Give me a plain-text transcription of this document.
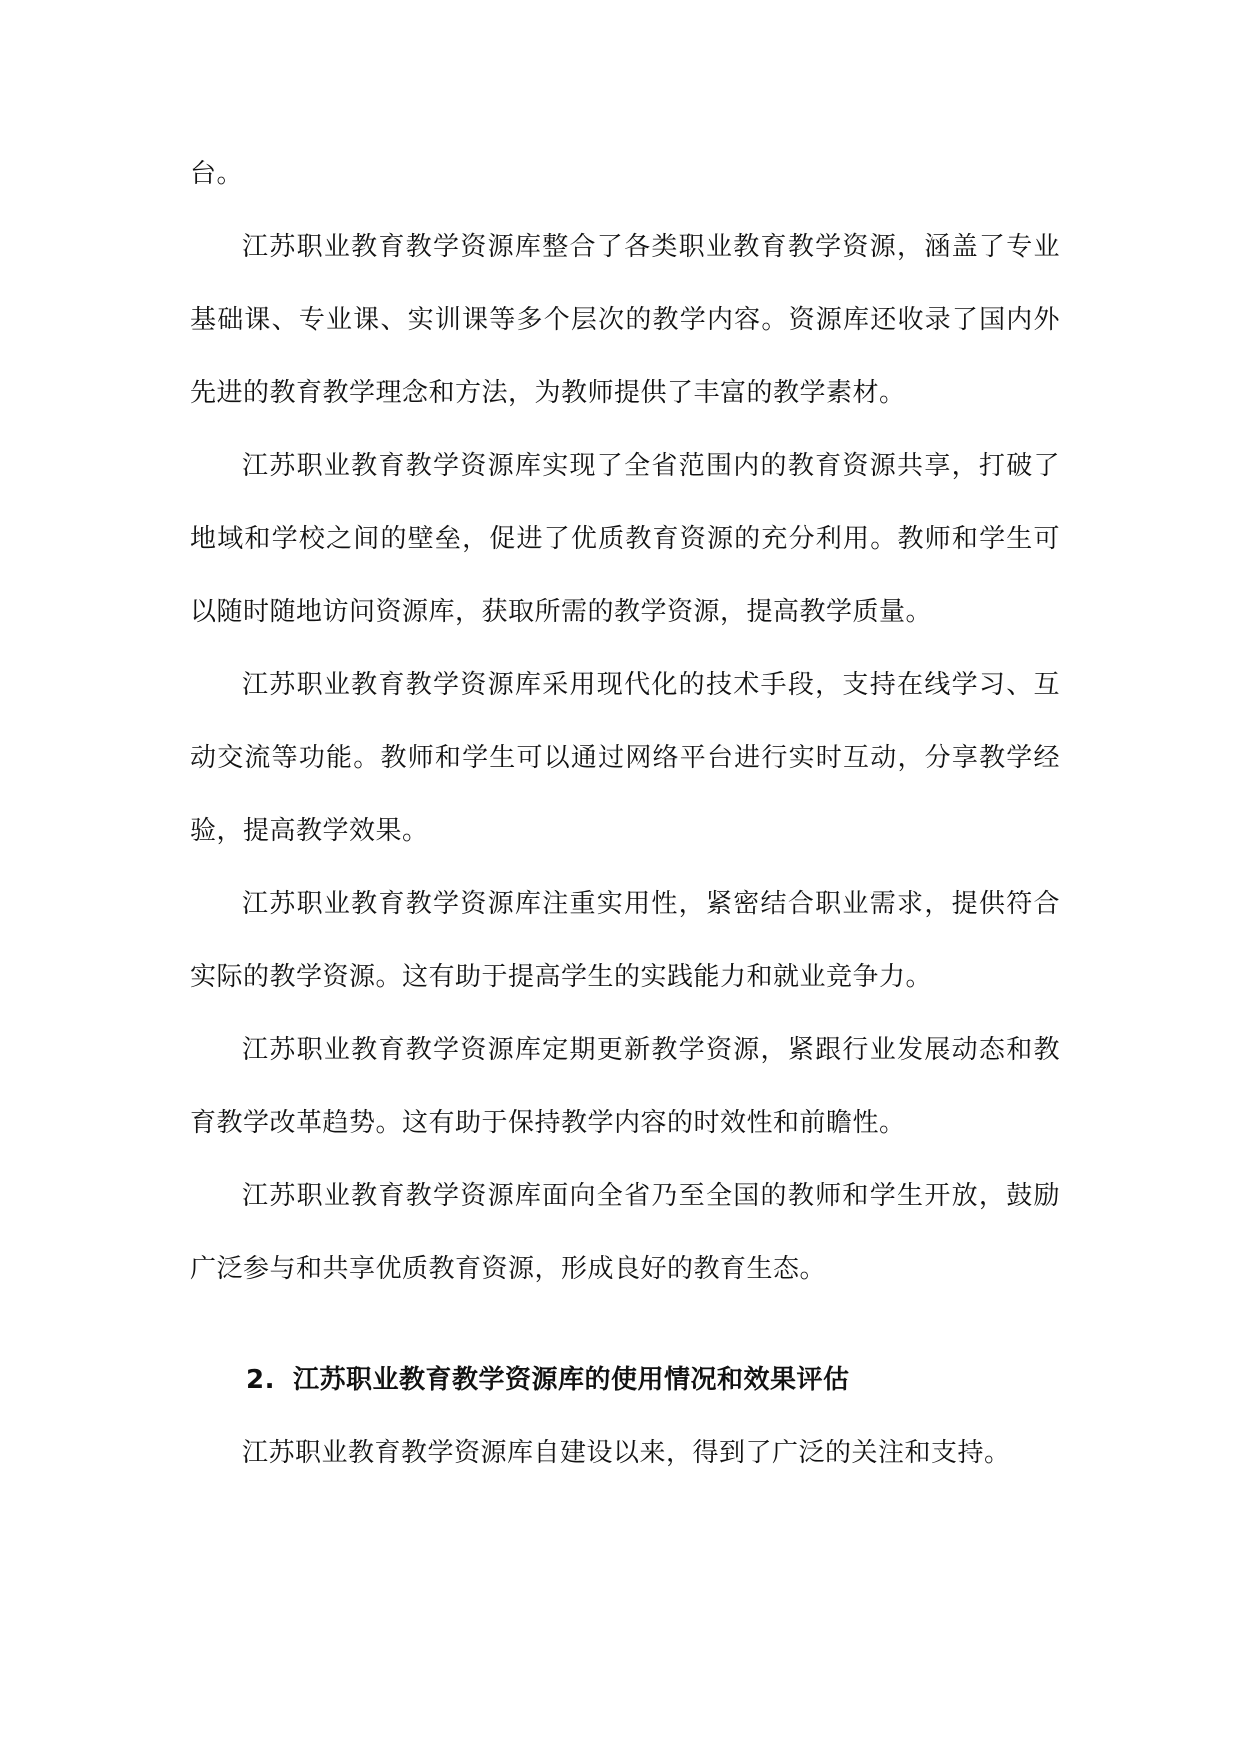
台。

江苏职业教育教学资源库整合了各类职业教育教学资源，涵盖了专业基础课、专业课、实训课等多个层次的教学内容。资源库还收录了国内外先进的教育教学理念和方法，为教师提供了丰富的教学素材。

江苏职业教育教学资源库实现了全省范围内的教育资源共享，打破了地域和学校之间的壁垒，促进了优质教育资源的充分利用。教师和学生可以随时随地访问资源库，获取所需的教学资源，提高教学质量。

江苏职业教育教学资源库采用现代化的技术手段，支持在线学习、互动交流等功能。教师和学生可以通过网络平台进行实时互动，分享教学经验，提高教学效果。

江苏职业教育教学资源库注重实用性，紧密结合职业需求，提供符合实际的教学资源。这有助于提高学生的实践能力和就业竞争力。

江苏职业教育教学资源库定期更新教学资源，紧跟行业发展动态和教育教学改革趋势。这有助于保持教学内容的时效性和前瞻性。

江苏职业教育教学资源库面向全省乃至全国的教师和学生开放，鼓励广泛参与和共享优质教育资源，形成良好的教育生态。

2. 江苏职业教育教学资源库的使用情况和效果评估

江苏职业教育教学资源库自建设以来，得到了广泛的关注和支持。
